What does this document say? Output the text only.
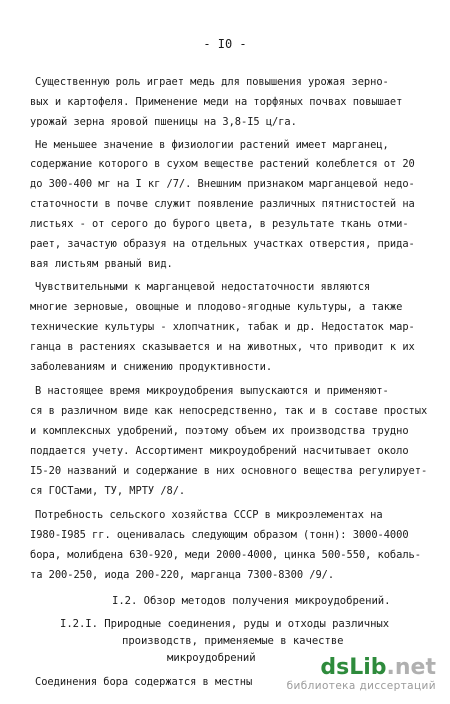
- I0 -
Существенную роль играет медь для повышения урожая зерно-
вых и картофеля. Применение меди на торфяных почвах повышает
урожай зерна яровой пшеницы на 3,8-I5 ц/га.
Не меньшее значение в физиологии растений имеет марганец,
содержание которого в сухом веществе растений колеблется от 20
до 300-400 мг на I кг /7/. Внешним признаком марганцевой недо-
статочности в почве служит появление различных пятнистостей на
листьях - от серого до бурого цвета, в результате ткань отми-
рает, зачастую образуя на отдельных участках отверстия, прида-
вая листьям рваный вид.
Чувствительными к марганцевой недостаточности являются
многие зерновые, овощные и плодово-ягодные культуры, а также
технические культуры - хлопчатник, табак и др. Недостаток мар-
ганца в растениях сказывается и на животных, что приводит к их
заболеваниям и снижению продуктивности.
В настоящее время микроудобрения выпускаются и применяют-
ся в различном виде как непосредственно, так и в составе простых
и комплексных удобрений, поэтому объем их производства трудно
поддается учету. Ассортимент микроудобрений насчитывает около
I5-20 названий и содержание в них основного вещества регулирует-
ся ГОСТами, ТУ, МРТУ /8/.
Потребность сельского хозяйства СССР в микроэлементах на
I980-I985 гг. оценивалась следующим образом (тонн): 3000-4000
бора, молибдена 630-920, меди 2000-4000, цинка 500-550, кобаль-
та 200-250, иода 200-220, марганца 7300-8300 /9/.
I.2. Обзор методов получения микроудобрений.
I.2.I. Природные соединения, руды и отходы различных
производств, применяемые в качестве
микроудобрений
Соединения бора содержатся в местны
dsLib.net
библиотека диссертаций
